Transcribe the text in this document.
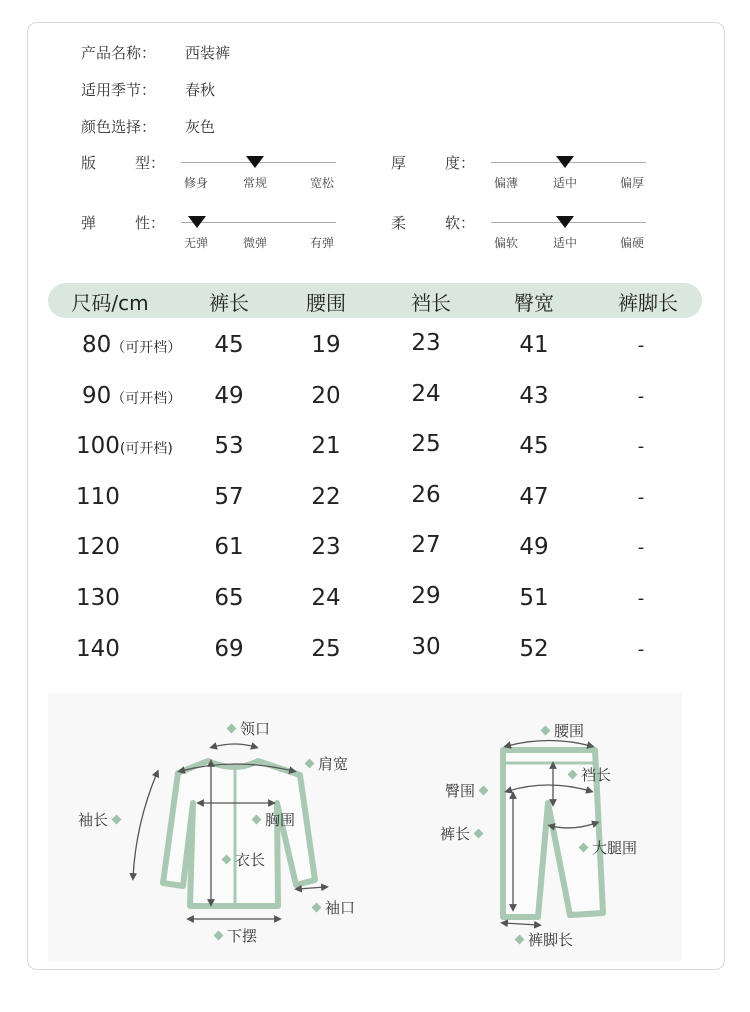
产品名称： 西装裤
适用季节： 春秋
颜色选择： 灰色
版	型：
修身	常规	宽松
厚	度：
偏薄	适中	偏厚
弹	性：
无弹	微弹	有弹
柔	软：
偏软	适中	偏硬
尺码/cm	裤长	腰围	裆长	臀宽	裤脚长
80（可开档） 45	19	23	41	-
90（可开档） 49	20	24	43	-
100(可开档) 53	21	25	45	-
110	57	22	26	47	-
120	61	23	27	49	-
130	65	24	29	51	-
140	69	25	30	52	-
领口
肩宽
袖长	胸围
衣长
袖口
下摆
腰围
臀围
裆长
裤长
大腿围
裤脚长
